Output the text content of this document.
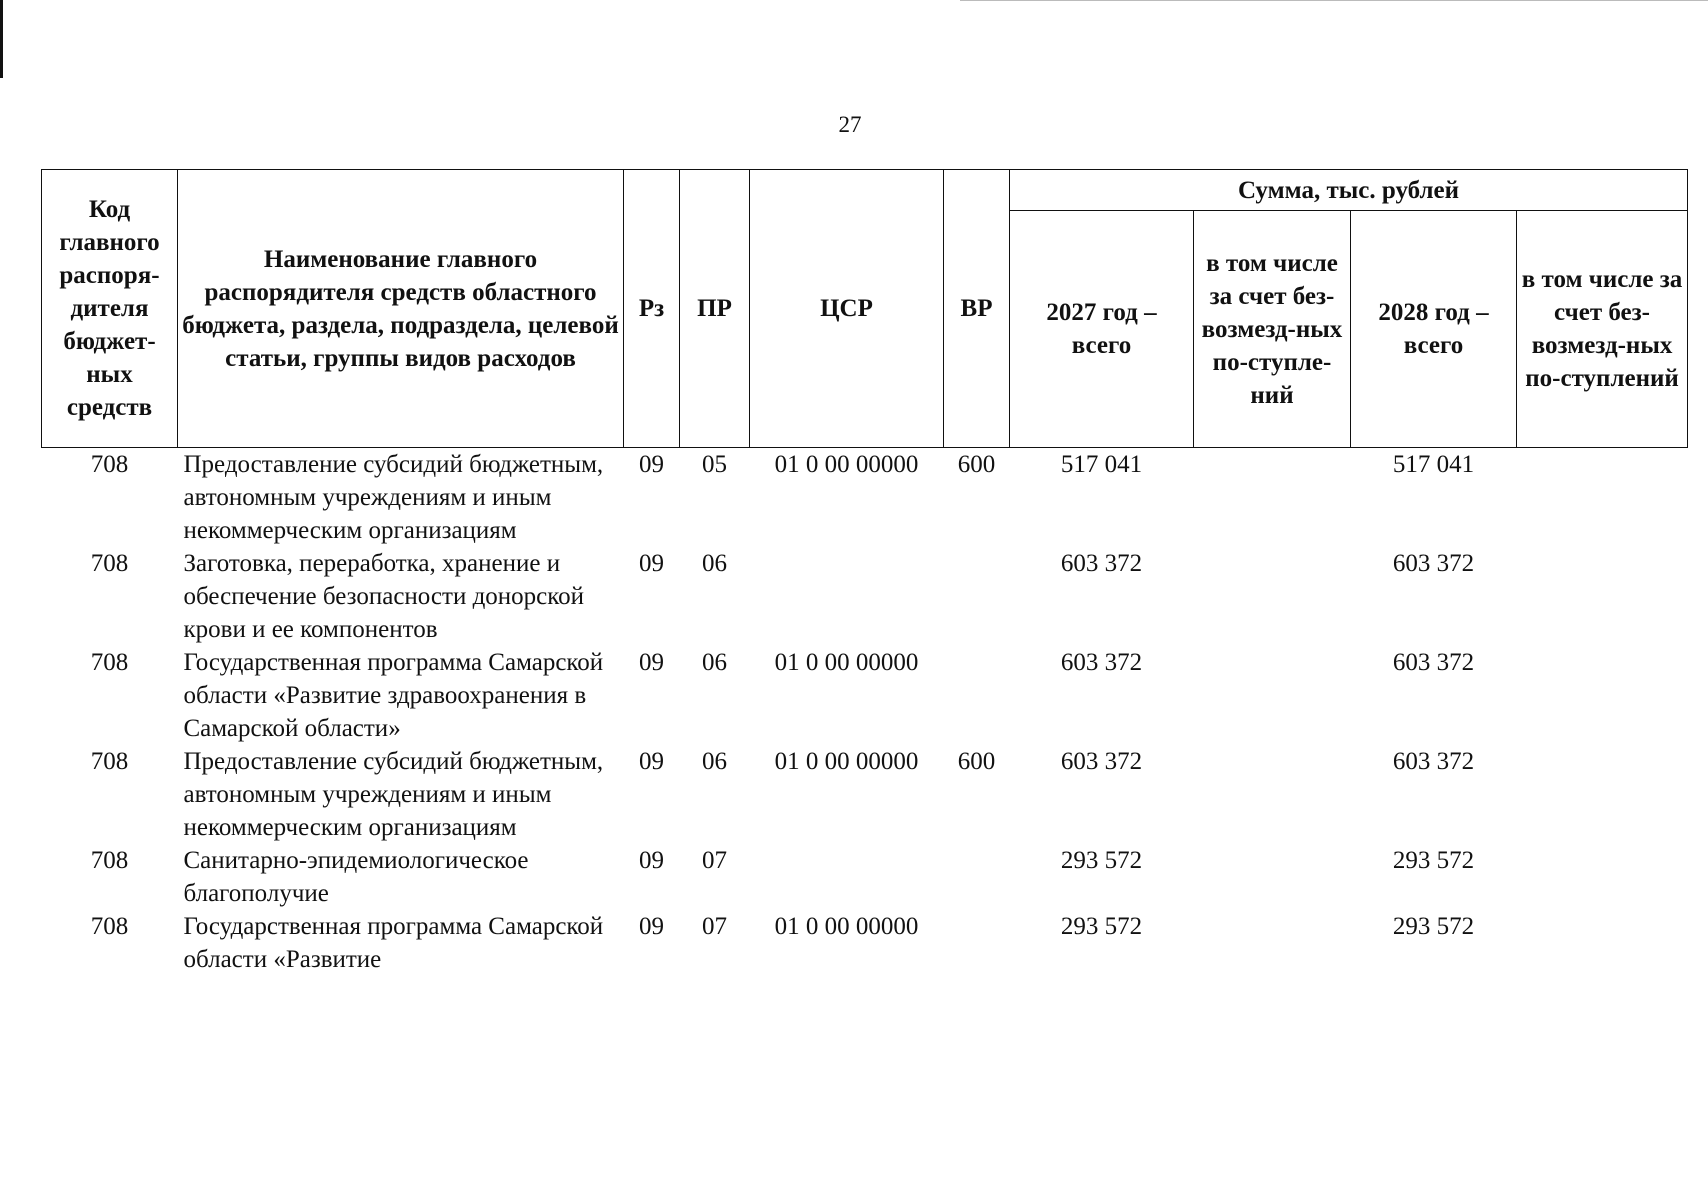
27
Код главного распоря-дителя бюджет-ных средств	Наименование главного распорядителя средств областного бюджета, раздела, подраздела, целевой статьи, группы видов расходов	Рз	ПР	ЦСР	ВР	Сумма, тыс. рублей			
						2027 год – всего	в том числе за счет без-возмезд-ных по-ступле-ний	2028 год – всего	в том числе за счет без-возмезд-ных по-ступлений
708	Предоставление субсидий бюджетным, автономным учреждениям и иным некоммерческим организациям	09	05	01 0 00 00000	600	517 041		517 041	
708	Заготовка, переработка, хранение и обеспечение безопасности донорской крови и ее компонентов	09	06			603 372		603 372	
708	Государственная программа Самарской области «Развитие здравоохранения в Самарской области»	09	06	01 0 00 00000		603 372		603 372	
708	Предоставление субсидий бюджетным, автономным учреждениям и иным некоммерческим организациям	09	06	01 0 00 00000	600	603 372		603 372	
708	Санитарно-эпидемиологическое благополучие	09	07			293 572		293 572	
708	Государственная программа Самарской области «Развитие	09	07	01 0 00 00000		293 572		293 572	
